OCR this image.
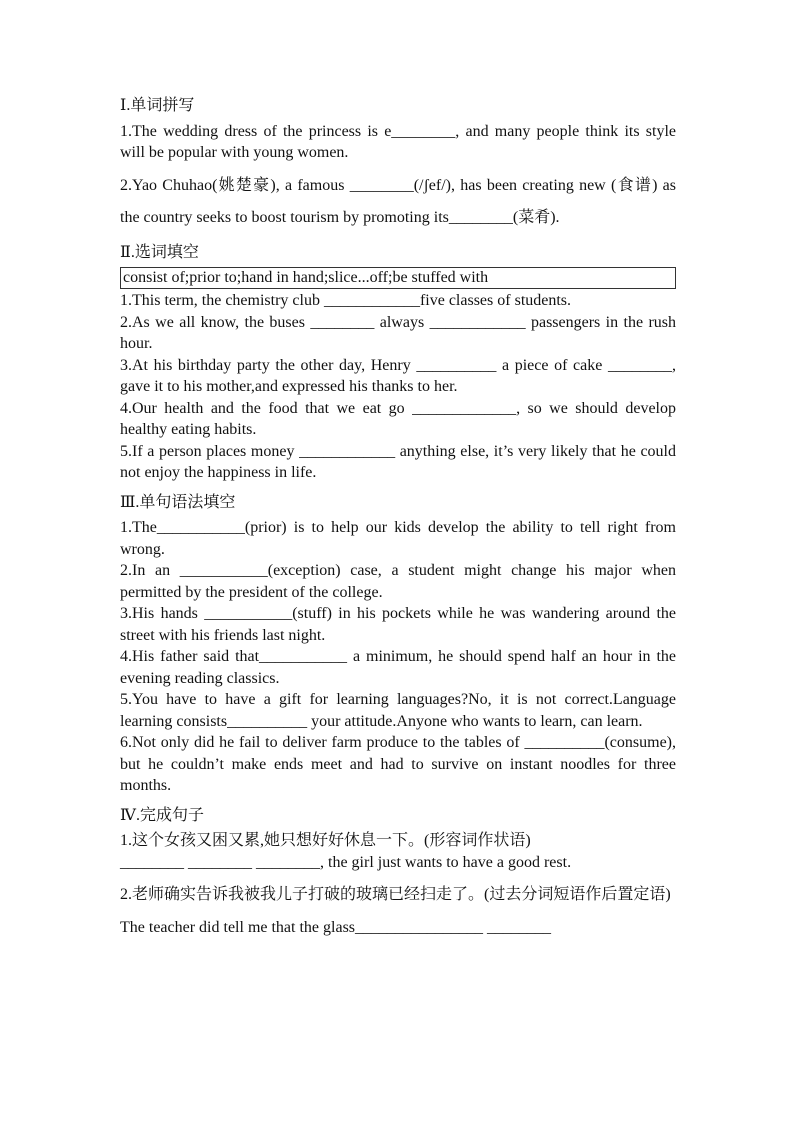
Ⅰ.单词拼写
1.The wedding dress of the princess is e________, and many people think its style will be popular with young women.
2.Yao Chuhao(姚楚豪), a famous ________(/ʃef/), has been creating new (食谱) as the country seeks to boost tourism by promoting its________(菜肴).
Ⅱ.选词填空
consist of;prior to;hand in hand;slice...off;be stuffed with
1.This term, the chemistry club ____________five classes of students.
2.As we all know, the buses ________ always ____________ passengers in the rush hour.
3.At his birthday party the other day, Henry __________ a piece of cake ________, gave it to his mother,and expressed his thanks to her.
4.Our health and the food that we eat go _____________, so we should develop healthy eating habits.
5.If a person places money ____________ anything else, it’s very likely that he could not enjoy the happiness in life.
Ⅲ.单句语法填空
1.The___________(prior) is to help our kids develop the ability to tell right from wrong.
2.In an ___________(exception) case, a student might change his major when permitted by the president of the college.
3.His hands ___________(stuff) in his pockets while he was wandering around the street with his friends last night.
4.His father said that___________ a minimum, he should spend half an hour in the evening reading classics.
5.You have to have a gift for learning languages?No, it is not correct.Language learning consists__________ your attitude.Anyone who wants to learn, can learn.
6.Not only did he fail to deliver farm produce to the tables of __________(consume), but he couldn’t make ends meet and had to survive on instant noodles for three months.
Ⅳ.完成句子
1.这个女孩又困又累,她只想好好休息一下。(形容词作状语)
________ ________ ________, the girl just wants to have a good rest.
2.老师确实告诉我被我儿子打破的玻璃已经扫走了。(过去分词短语作后置定语)
The teacher did tell me that the glass________________ ________
